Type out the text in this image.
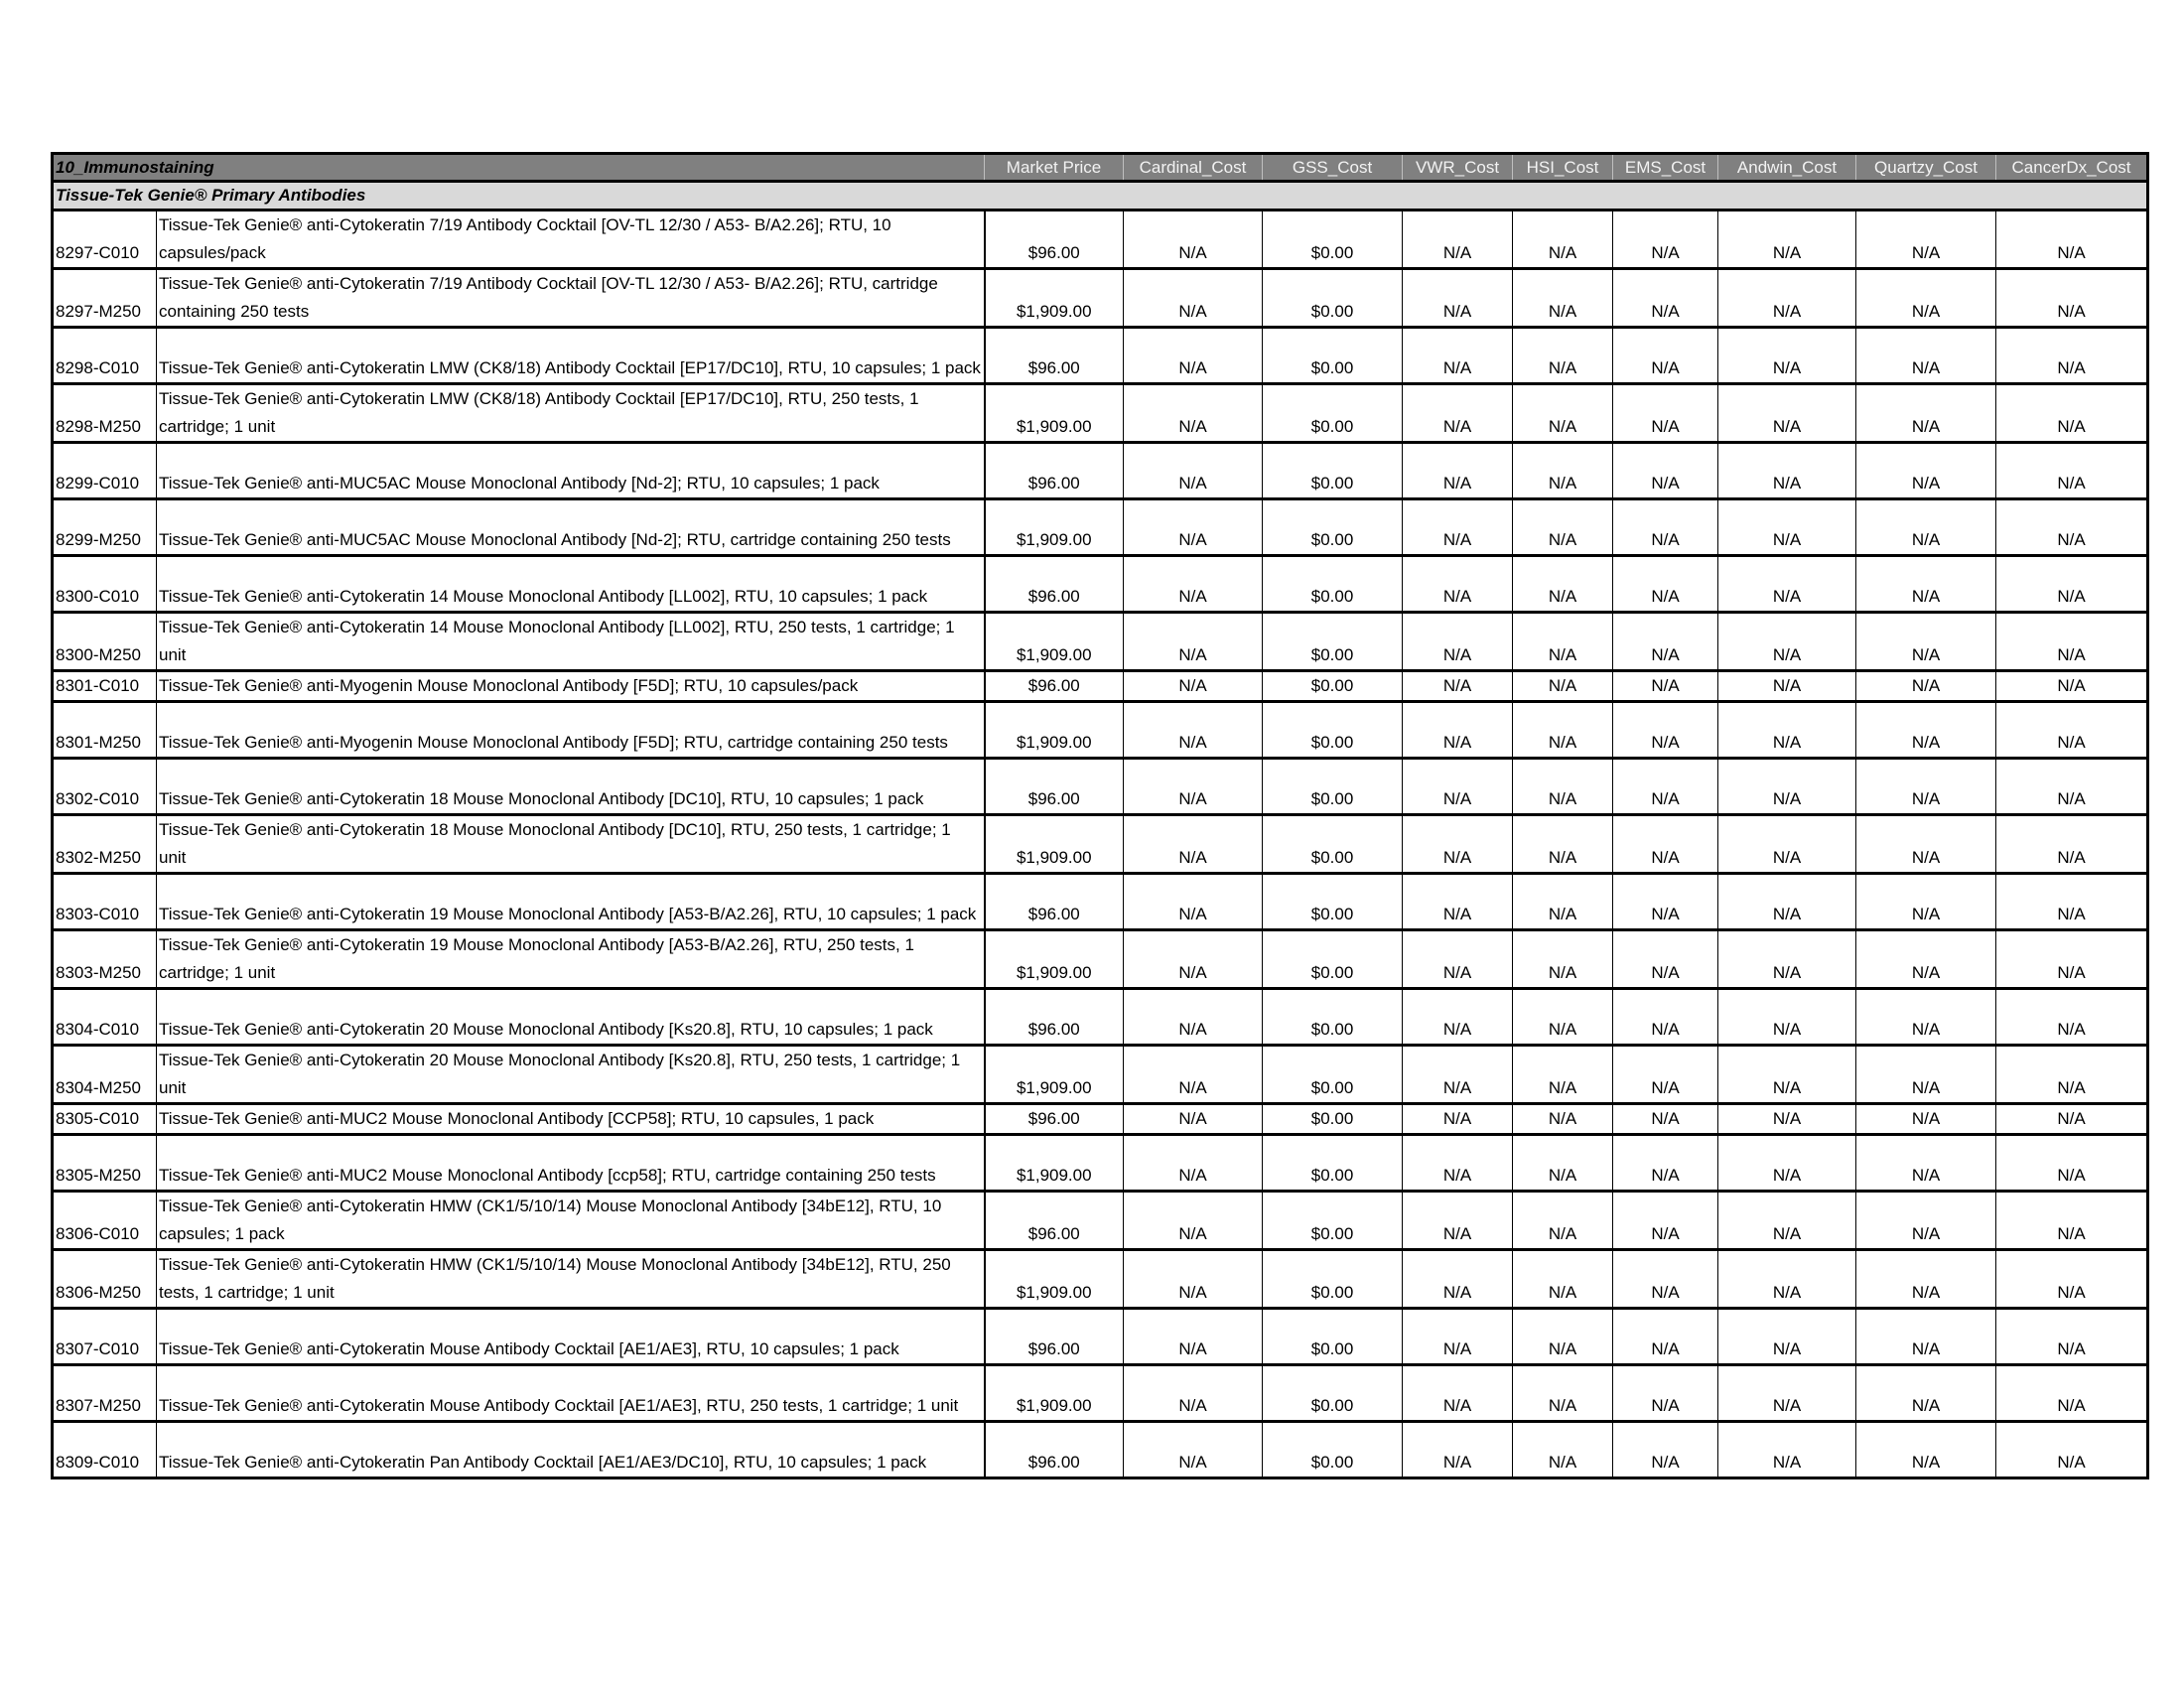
10_Immunostaining		Market Price	Cardinal_Cost	GSS_Cost	VWR_Cost	HSI_Cost	EMS_Cost	Andwin_Cost	Quartzy_Cost	CancerDx_Cost
Tissue-Tek Genie® Primary Antibodies										
8297-C010	Tissue-Tek Genie® anti-Cytokeratin 7/19 Antibody Cocktail [OV-TL 12/30 / A53- B/A2.26]; RTU, 10 capsules/pack	$96.00	N/A	$0.00	N/A	N/A	N/A	N/A	N/A	N/A
8297-M250	Tissue-Tek Genie® anti-Cytokeratin 7/19 Antibody Cocktail [OV-TL 12/30 / A53- B/A2.26]; RTU, cartridge containing 250 tests	$1,909.00	N/A	$0.00	N/A	N/A	N/A	N/A	N/A	N/A
8298-C010	Tissue-Tek Genie® anti-Cytokeratin LMW (CK8/18) Antibody Cocktail [EP17/DC10], RTU, 10 capsules; 1 pack	$96.00	N/A	$0.00	N/A	N/A	N/A	N/A	N/A	N/A
8298-M250	Tissue-Tek Genie® anti-Cytokeratin LMW (CK8/18) Antibody Cocktail [EP17/DC10], RTU, 250 tests, 1 cartridge; 1 unit	$1,909.00	N/A	$0.00	N/A	N/A	N/A	N/A	N/A	N/A
8299-C010	Tissue-Tek Genie® anti-MUC5AC Mouse Monoclonal Antibody [Nd-2]; RTU, 10 capsules; 1 pack	$96.00	N/A	$0.00	N/A	N/A	N/A	N/A	N/A	N/A
8299-M250	Tissue-Tek Genie® anti-MUC5AC Mouse Monoclonal Antibody [Nd-2]; RTU, cartridge containing 250 tests	$1,909.00	N/A	$0.00	N/A	N/A	N/A	N/A	N/A	N/A
8300-C010	Tissue-Tek Genie® anti-Cytokeratin 14 Mouse Monoclonal Antibody [LL002], RTU, 10 capsules; 1 pack	$96.00	N/A	$0.00	N/A	N/A	N/A	N/A	N/A	N/A
8300-M250	Tissue-Tek Genie® anti-Cytokeratin 14 Mouse Monoclonal Antibody [LL002], RTU, 250 tests, 1 cartridge; 1 unit	$1,909.00	N/A	$0.00	N/A	N/A	N/A	N/A	N/A	N/A
8301-C010	Tissue-Tek Genie® anti-Myogenin Mouse Monoclonal Antibody [F5D]; RTU, 10 capsules/pack	$96.00	N/A	$0.00	N/A	N/A	N/A	N/A	N/A	N/A
8301-M250	Tissue-Tek Genie® anti-Myogenin Mouse Monoclonal Antibody [F5D]; RTU, cartridge containing 250 tests	$1,909.00	N/A	$0.00	N/A	N/A	N/A	N/A	N/A	N/A
8302-C010	Tissue-Tek Genie® anti-Cytokeratin 18 Mouse Monoclonal Antibody [DC10], RTU, 10 capsules; 1 pack	$96.00	N/A	$0.00	N/A	N/A	N/A	N/A	N/A	N/A
8302-M250	Tissue-Tek Genie® anti-Cytokeratin 18 Mouse Monoclonal Antibody [DC10], RTU, 250 tests, 1 cartridge; 1 unit	$1,909.00	N/A	$0.00	N/A	N/A	N/A	N/A	N/A	N/A
8303-C010	Tissue-Tek Genie® anti-Cytokeratin 19 Mouse Monoclonal Antibody [A53-B/A2.26], RTU, 10 capsules; 1 pack	$96.00	N/A	$0.00	N/A	N/A	N/A	N/A	N/A	N/A
8303-M250	Tissue-Tek Genie® anti-Cytokeratin 19 Mouse Monoclonal Antibody [A53-B/A2.26], RTU, 250 tests, 1 cartridge; 1 unit	$1,909.00	N/A	$0.00	N/A	N/A	N/A	N/A	N/A	N/A
8304-C010	Tissue-Tek Genie® anti-Cytokeratin 20 Mouse Monoclonal Antibody [Ks20.8], RTU, 10 capsules; 1 pack	$96.00	N/A	$0.00	N/A	N/A	N/A	N/A	N/A	N/A
8304-M250	Tissue-Tek Genie® anti-Cytokeratin 20 Mouse Monoclonal Antibody [Ks20.8], RTU, 250 tests, 1 cartridge; 1 unit	$1,909.00	N/A	$0.00	N/A	N/A	N/A	N/A	N/A	N/A
8305-C010	Tissue-Tek Genie® anti-MUC2 Mouse Monoclonal Antibody [CCP58]; RTU, 10 capsules, 1 pack	$96.00	N/A	$0.00	N/A	N/A	N/A	N/A	N/A	N/A
8305-M250	Tissue-Tek Genie® anti-MUC2 Mouse Monoclonal Antibody [ccp58]; RTU, cartridge containing 250 tests	$1,909.00	N/A	$0.00	N/A	N/A	N/A	N/A	N/A	N/A
8306-C010	Tissue-Tek Genie® anti-Cytokeratin HMW (CK1/5/10/14) Mouse Monoclonal Antibody [34bE12], RTU, 10 capsules; 1 pack	$96.00	N/A	$0.00	N/A	N/A	N/A	N/A	N/A	N/A
8306-M250	Tissue-Tek Genie® anti-Cytokeratin HMW (CK1/5/10/14) Mouse Monoclonal Antibody [34bE12], RTU, 250 tests, 1 cartridge; 1 unit	$1,909.00	N/A	$0.00	N/A	N/A	N/A	N/A	N/A	N/A
8307-C010	Tissue-Tek Genie® anti-Cytokeratin Mouse Antibody Cocktail [AE1/AE3], RTU, 10 capsules; 1 pack	$96.00	N/A	$0.00	N/A	N/A	N/A	N/A	N/A	N/A
8307-M250	Tissue-Tek Genie® anti-Cytokeratin Mouse Antibody Cocktail [AE1/AE3], RTU, 250 tests, 1 cartridge; 1 unit	$1,909.00	N/A	$0.00	N/A	N/A	N/A	N/A	N/A	N/A
8309-C010	Tissue-Tek Genie® anti-Cytokeratin Pan Antibody Cocktail [AE1/AE3/DC10], RTU, 10 capsules; 1 pack	$96.00	N/A	$0.00	N/A	N/A	N/A	N/A	N/A	N/A
